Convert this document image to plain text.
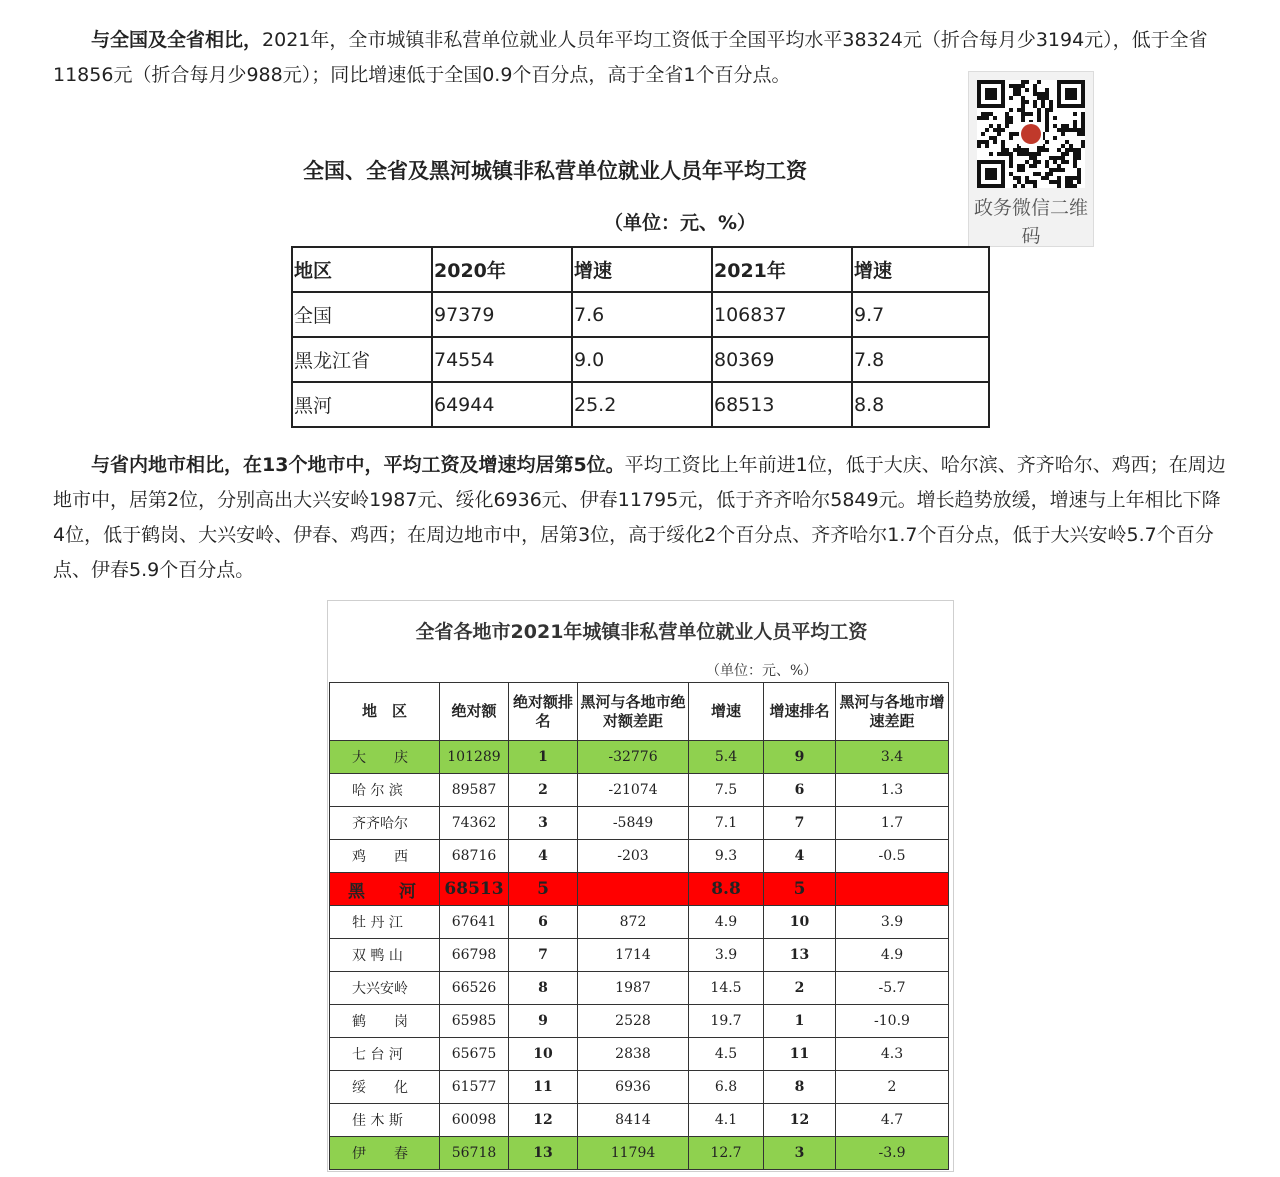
与全国及全省相比，2021年，全市城镇非私营单位就业人员年平均工资低于全国平均水平38324元（折合每月少3194元），低于全省11856元（折合每月少988元）；同比增速低于全国0.9个百分点，高于全省1个百分点。

政务微信二维码
全国、全省及黑河城镇非私营单位就业人员年平均工资
（单位：元、%）
地区	2020年	增速	2021年	增速
全国	97379	7.6	106837	9.7
黑龙江省	74554	9.0	80369	7.8
黑河	64944	25.2	68513	8.8

与省内地市相比，在13个地市中，平均工资及增速均居第5位。平均工资比上年前进1位，低于大庆、哈尔滨、齐齐哈尔、鸡西；在周边地市中，居第2位，分别高出大兴安岭1987元、绥化6936元、伊春11795元，低于齐齐哈尔5849元。增长趋势放缓，增速与上年相比下降4位，低于鹤岗、大兴安岭、伊春、鸡西；在周边地市中，居第3位，高于绥化2个百分点、齐齐哈尔1.7个百分点，低于大兴安岭5.7个百分点、伊春5.9个百分点。

全省各地市2021年城镇非私营单位就业人员平均工资
（单位：元、%）
地　区	绝对额	绝对额排名	黑河与各地市绝对额差距	增速	增速排名	黑河与各地市增速差距
大　　庆	101289	1	-32776	5.4	9	3.4
哈 尔 滨	89587	2	-21074	7.5	6	1.3
齐齐哈尔	74362	3	-5849	7.1	7	1.7
鸡　　西	68716	4	-203	9.3	4	-0.5
黑　　河	68513	5		8.8	5	
牡 丹 江	67641	6	872	4.9	10	3.9
双 鸭 山	66798	7	1714	3.9	13	4.9
大兴安岭	66526	8	1987	14.5	2	-5.7
鹤　　岗	65985	9	2528	19.7	1	-10.9
七 台 河	65675	10	2838	4.5	11	4.3
绥　　化	61577	11	6936	6.8	8	2
佳 木 斯	60098	12	8414	4.1	12	4.7
伊　　春	56718	13	11794	12.7	3	-3.9
